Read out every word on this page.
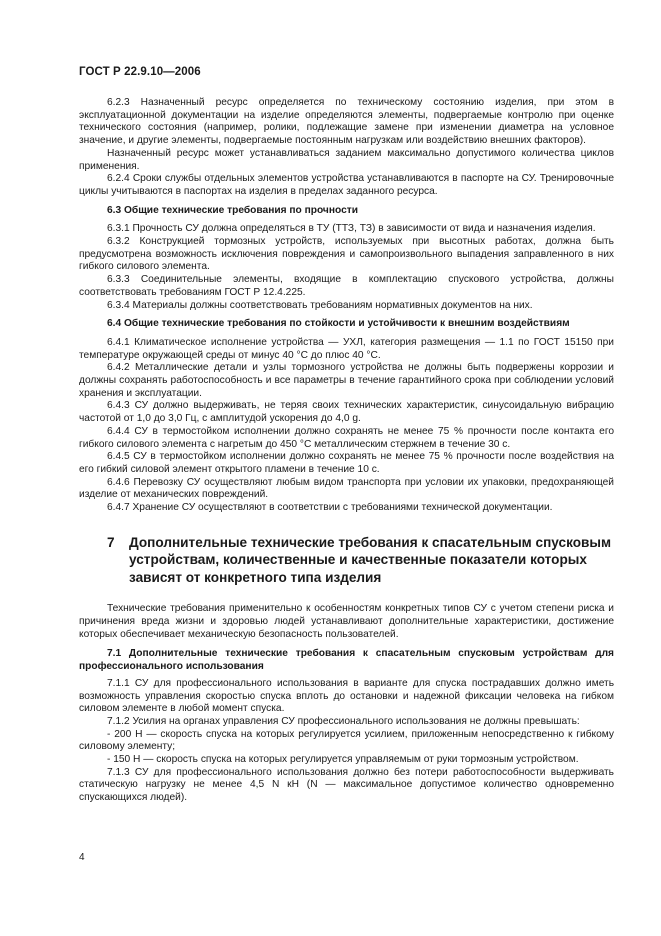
ГОСТ Р 22.9.10—2006

6.2.3 Назначенный ресурс определяется по техническому состоянию изделия, при этом в эксплуатационной документации на изделие определяются элементы, подвергаемые контролю при оценке технического состояния (например, ролики, подлежащие замене при изменении диаметра на условное значение, и другие элементы, подвергаемые постоянным нагрузкам или воздействию внешних факторов).

Назначенный ресурс может устанавливаться заданием максимально допустимого количества циклов применения.

6.2.4 Сроки службы отдельных элементов устройства устанавливаются в паспорте на СУ. Тренировочные циклы учитываются в паспортах на изделия в пределах заданного ресурса.

6.3 Общие технические требования по прочности

6.3.1 Прочность СУ должна определяться в ТУ (ТТЗ, ТЗ) в зависимости от вида и назначения изделия.

6.3.2 Конструкцией тормозных устройств, используемых при высотных работах, должна быть предусмотрена возможность исключения повреждения и самопроизвольного выпадения заправленного в них гибкого силового элемента.

6.3.3 Соединительные элементы, входящие в комплектацию спускового устройства, должны соответствовать требованиям ГОСТ Р 12.4.225.

6.3.4 Материалы должны соответствовать требованиям нормативных документов на них.

6.4 Общие технические требования по стойкости и устойчивости к внешним воздействиям

6.4.1 Климатическое исполнение устройства — УХЛ, категория размещения — 1.1 по ГОСТ 15150 при температуре окружающей среды от минус 40 °С до плюс 40 °С.

6.4.2 Металлические детали и узлы тормозного устройства не должны быть подвержены коррозии и должны сохранять работоспособность и все параметры в течение гарантийного срока при соблюдении условий хранения и эксплуатации.

6.4.3 СУ должно выдерживать, не теряя своих технических характеристик, синусоидальную вибрацию частотой от 1,0 до 3,0 Гц, с амплитудой ускорения до 4,0 g.

6.4.4 СУ в термостойком исполнении должно сохранять не менее 75 % прочности после контакта его гибкого силового элемента с нагретым до 450 °С металлическим стержнем в течение 30 с.

6.4.5 СУ в термостойком исполнении должно сохранять не менее 75 % прочности после воздействия на его гибкий силовой элемент открытого пламени в течение 10 с.

6.4.6 Перевозку СУ осуществляют любым видом транспорта при условии их упаковки, предохраняющей изделие от механических повреждений.

6.4.7 Хранение СУ осуществляют в соответствии с требованиями технической документации.

7 Дополнительные технические требования к спасательным спусковым устройствам, количественные и качественные показатели которых зависят от конкретного типа изделия

Технические требования применительно к особенностям конкретных типов СУ с учетом степени риска и причинения вреда жизни и здоровью людей устанавливают дополнительные характеристики, достижение которых обеспечивает механическую безопасность пользователей.

7.1 Дополнительные технические требования к спасательным спусковым устройствам для профессионального использования

7.1.1 СУ для профессионального использования в варианте для спуска пострадавших должно иметь возможность управления скоростью спуска вплоть до остановки и надежной фиксации человека на гибком силовом элементе в любой момент спуска.

7.1.2 Усилия на органах управления СУ профессионального использования не должны превышать:

- 200 Н — скорость спуска на которых регулируется усилием, приложенным непосредственно к гибкому силовому элементу;

- 150 Н — скорость спуска на которых регулируется управляемым от руки тормозным устройством.

7.1.3 СУ для профессионального использования должно без потери работоспособности выдерживать статическую нагрузку не менее 4,5 N кН (N — максимальное допустимое количество одновременно спускающихся людей).

4
